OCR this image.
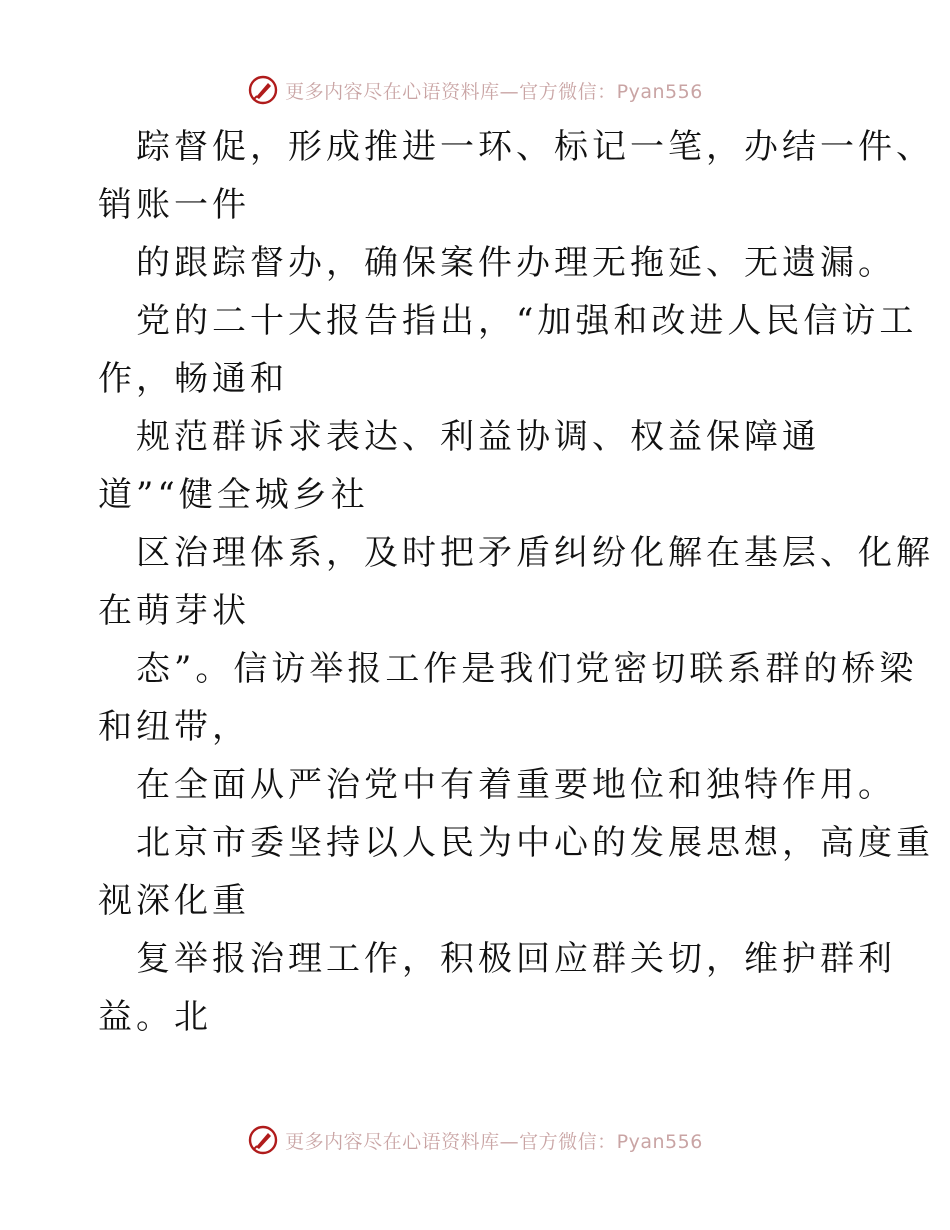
更多内容尽在心语资料库—官方微信：Pyan556
踪督促，形成推进一环、标记一笔，办结一件、
销账一件
的跟踪督办，确保案件办理无拖延、无遗漏。
党的二十大报告指出，“加强和改进人民信访工
作，畅通和
规范群诉求表达、利益协调、权益保障通
道”“健全城乡社
区治理体系，及时把矛盾纠纷化解在基层、化解
在萌芽状
态”。信访举报工作是我们党密切联系群的桥梁
和纽带，
在全面从严治党中有着重要地位和独特作用。
北京市委坚持以人民为中心的发展思想，高度重
视深化重
复举报治理工作，积极回应群关切，维护群利
益。北
更多内容尽在心语资料库—官方微信：Pyan556
